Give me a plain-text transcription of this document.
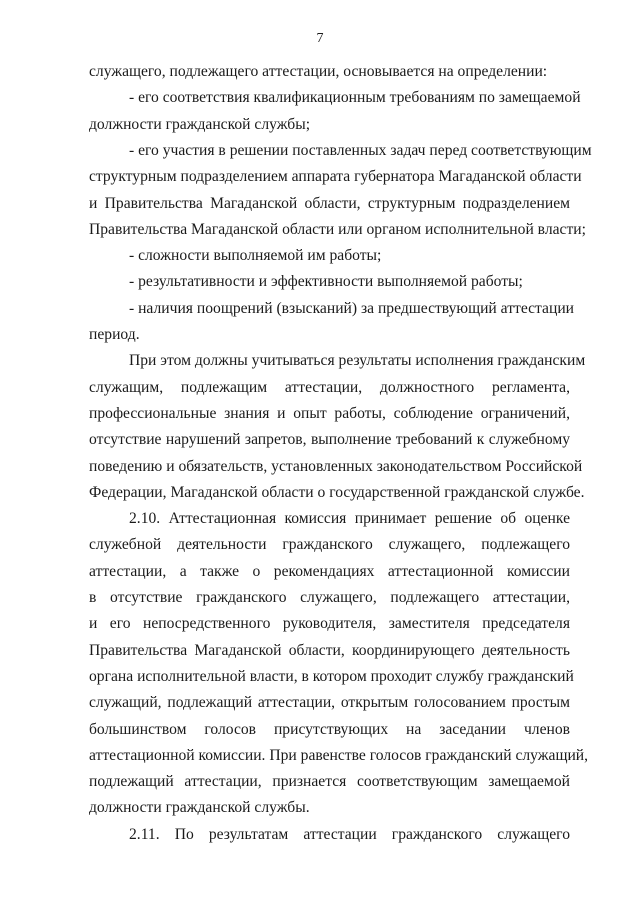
7
служащего, подлежащего аттестации, основывается на определении:
- его соответствия квалификационным требованиям по замещаемой
должности гражданской службы;
- его участия в решении поставленных задач перед соответствующим
структурным подразделением аппарата губернатора Магаданской области
и Правительства Магаданской области, структурным подразделением
Правительства Магаданской области или органом исполнительной власти;
- сложности выполняемой им работы;
- результативности и эффективности выполняемой работы;
- наличия поощрений (взысканий) за предшествующий аттестации
период.
При этом должны учитываться результаты исполнения гражданским
служащим, подлежащим аттестации, должностного регламента,
профессиональные знания и опыт работы, соблюдение ограничений,
отсутствие нарушений запретов, выполнение требований к служебному
поведению и обязательств, установленных законодательством Российской
Федерации, Магаданской области о государственной гражданской службе.
2.10. Аттестационная комиссия принимает решение об оценке
служебной деятельности гражданского служащего, подлежащего
аттестации, а также о рекомендациях аттестационной комиссии
в отсутствие гражданского служащего, подлежащего аттестации,
и его непосредственного руководителя, заместителя председателя
Правительства Магаданской области, координирующего деятельность
органа исполнительной власти, в котором проходит службу гражданский
служащий, подлежащий аттестации, открытым голосованием простым
большинством голосов присутствующих на заседании членов
аттестационной комиссии. При равенстве голосов гражданский служащий,
подлежащий аттестации, признается соответствующим замещаемой
должности гражданской службы.
2.11. По результатам аттестации гражданского служащего
